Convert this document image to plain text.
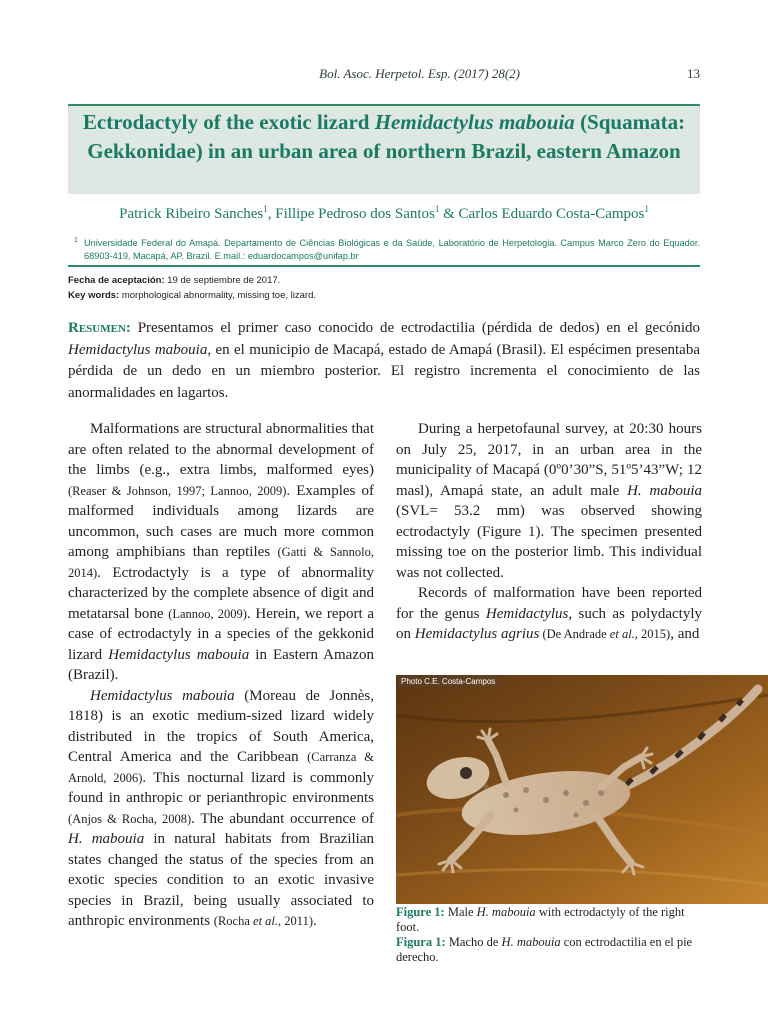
Bol. Asoc. Herpetol. Esp. (2017) 28(2)	13
Ectrodactyly of the exotic lizard Hemidactylus mabouia (Squamata: Gekkonidae) in an urban area of northern Brazil, eastern Amazon
Patrick Ribeiro Sanches$^1$, Fillipe Pedroso dos Santos$^1$ & Carlos Eduardo Costa-Campos$^1$
1 Universidade Federal do Amapá. Departamento de Ciências Biológicas e da Saúde, Laboratório de Herpetologia. Campus Marco Zero do Equador. 68903-419, Macapá, AP. Brazil. E.mail.: eduardocampos@unifap.br
Fecha de aceptación: 19 de septiembre de 2017.
Key words: morphological abnormality, missing toe, lizard.
Resumen: Presentamos el primer caso conocido de ectrodactilia (pérdida de dedos) en el gecónido Hemidactylus mabouia, en el municipio de Macapá, estado de Amapá (Brasil). El espécimen presentaba pérdida de un dedo en un miembro posterior. El registro incrementa el conocimiento de las anormalidades en lagartos.

Malformations are structural abnormalities that are often related to the abnormal development of the limbs (e.g., extra limbs, malformed eyes) (Reaser & Johnson, 1997; Lannoo, 2009). Examples of malformed individuals among lizards are uncommon, such cases are much more common among amphibians than reptiles (Gatti & Sannolo, 2014). Ectrodactyly is a type of abnormality characterized by the complete absence of digit and metatarsal bone (Lannoo, 2009). Herein, we report a case of ectrodactyly in a species of the gekkonid lizard Hemidactylus mabouia in Eastern Amazon (Brazil).

Hemidactylus mabouia (Moreau de Jonnès, 1818) is an exotic medium-sized lizard widely distributed in the tropics of South America, Central America and the Caribbean (Carranza & Arnold, 2006). This nocturnal lizard is commonly found in anthropic or perianthropic environments (Anjos & Rocha, 2008). The abundant occurrence of H. mabouia in natural habitats from Brazilian states changed the status of the species from an exotic species condition to an exotic invasive species in Brazil, being usually associated to anthropic environments (Rocha et al., 2011).

During a herpetofaunal survey, at 20:30 hours on July 25, 2017, in an urban area in the municipality of Macapá (0º0’30”S, 51º5’43”W; 12 masl), Amapá state, an adult male H. mabouia (SVL= 53.2 mm) was observed showing ectrodactyly (Figure 1). The specimen presented missing toe on the posterior limb. This individual was not collected.

Records of malformation have been reported for the genus Hemidactylus, such as polydactyly on Hemidactylus agrius (De Andrade et al., 2015), and

Photo C.E. Costa-Campos
Figure 1: Male H. mabouia with ectrodactyly of the right foot.
Figura 1: Macho de H. mabouia con ectrodactilia en el pie derecho.
